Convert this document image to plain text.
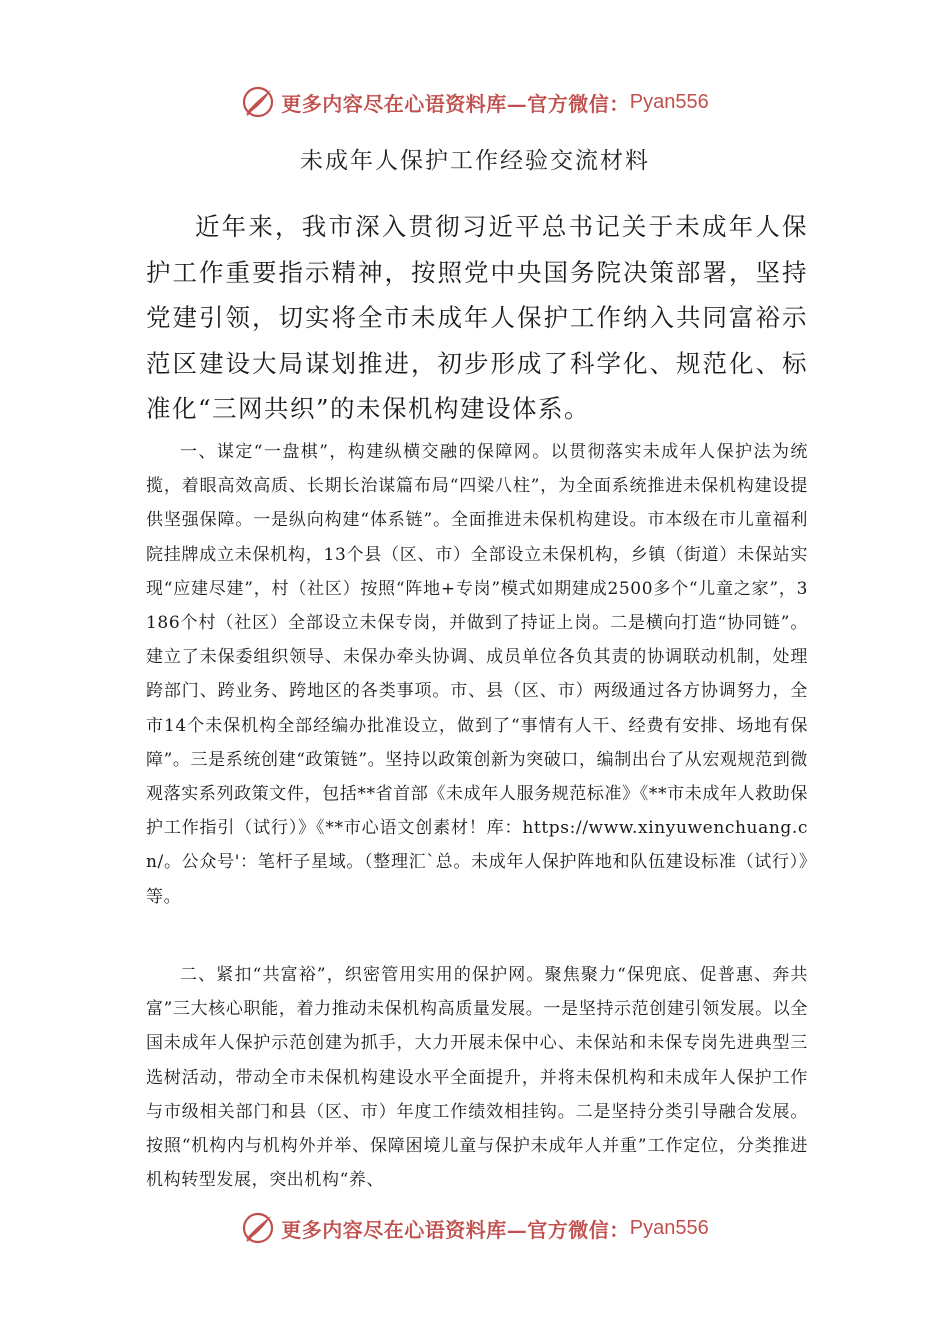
更多内容尽在心语资料库—官方微信： Pyan556
未成年人保护工作经验交流材料

近年来，我市深入贯彻习近平总书记关于未成年人保护工作重要指示精神，按照党中央国务院决策部署，坚持党建引领，切实将全市未成年人保护工作纳入共同富裕示范区建设大局谋划推进，初步形成了科学化、规范化、标准化“三网共织”的未保机构建设体系。

一、谋定“一盘棋”，构建纵横交融的保障网。以贯彻落实未成年人保护法为统揽，着眼高效高质、长期长治谋篇布局“四梁八柱”，为全面系统推进未保机构建设提供坚强保障。一是纵向构建“体系链”。全面推进未保机构建设。市本级在市儿童福利院挂牌成立未保机构，13个县（区、市）全部设立未保机构，乡镇（街道）未保站实现“应建尽建”，村（社区）按照“阵地+专岗”模式如期建成2500多个“儿童之家”，3186个村（社区）全部设立未保专岗，并做到了持证上岗。二是横向打造“协同链”。建立了未保委组织领导、未保办牵头协调、成员单位各负其责的协调联动机制，处理跨部门、跨业务、跨地区的各类事项。市、县（区、市）两级通过各方协调努力，全市14个未保机构全部经编办批准设立，做到了“事情有人干、经费有安排、场地有保障”。三是系统创建“政策链”。坚持以政策创新为突破口，编制出台了从宏观规范到微观落实系列政策文件，包括**省首部《未成年人服务规范标准》《**市未成年人救助保护工作指引（试行）》《**市心语文创素材！库：https://www.xinyuwenchuang.cn/。公众号'：笔杆子星域。（整理汇`总。未成年人保护阵地和队伍建设标准（试行）》等。

二、紧扣“共富裕”，织密管用实用的保护网。聚焦聚力“保兜底、促普惠、奔共富”三大核心职能，着力推动未保机构高质量发展。一是坚持示范创建引领发展。以全国未成年人保护示范创建为抓手，大力开展未保中心、未保站和未保专岗先进典型三选树活动，带动全市未保机构建设水平全面提升，并将未保机构和未成年人保护工作与市级相关部门和县（区、市）年度工作绩效相挂钩。二是坚持分类引导融合发展。按照“机构内与机构外并举、保障困境儿童与保护未成年人并重”工作定位，分类推进机构转型发展，突出机构“养、

更多内容尽在心语资料库—官方微信： Pyan556
